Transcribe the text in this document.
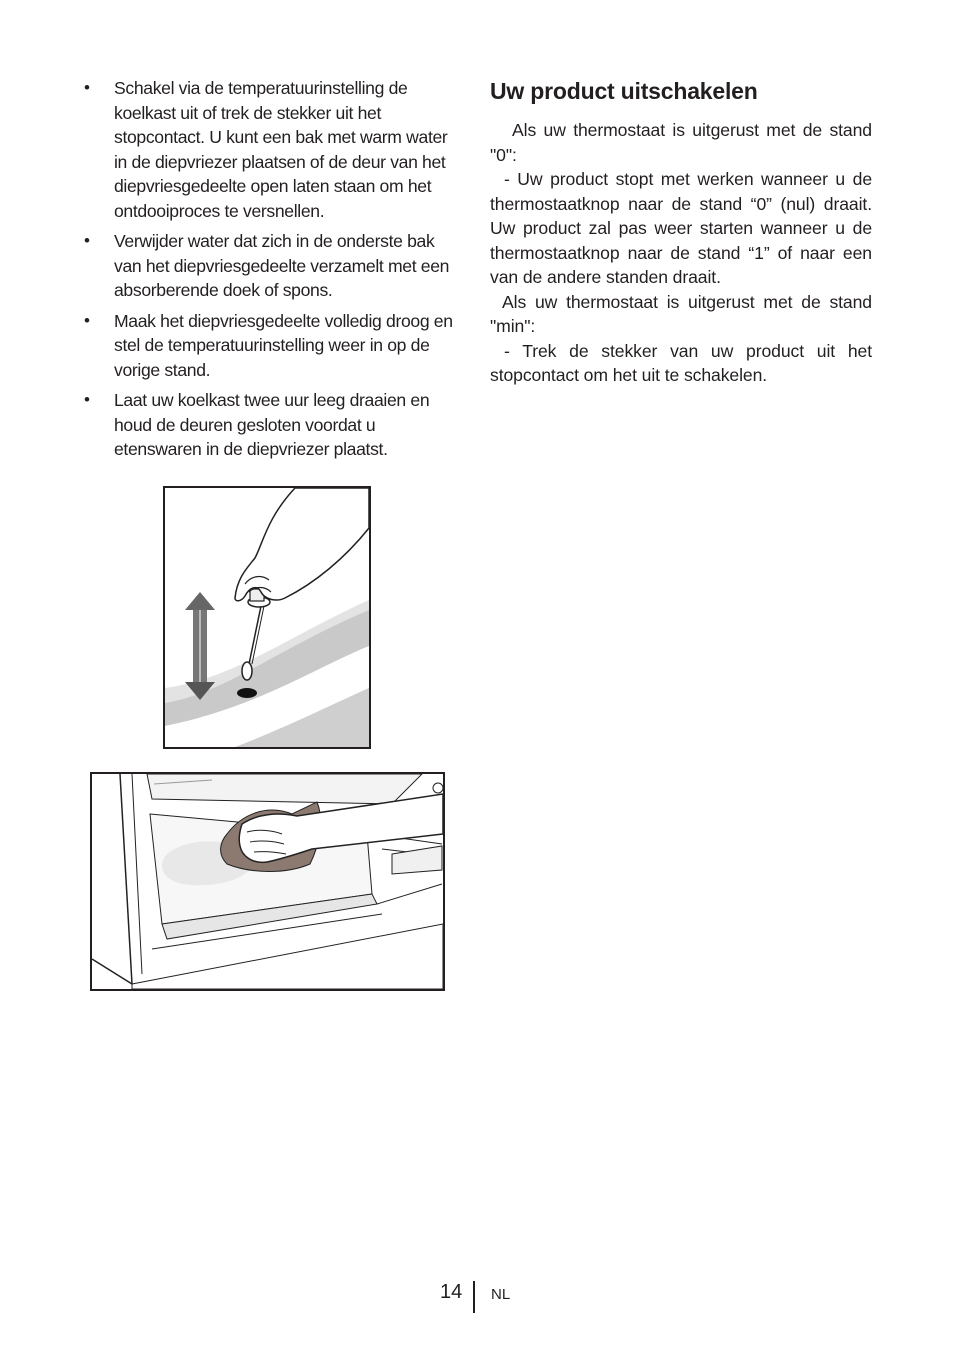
• Schakel via de temperatuurinstelling de koelkast uit of trek de stekker uit het stopcontact. U kunt een bak met warm water in de diepvriezer plaatsen of de deur van het diepvriesgedeelte open laten staan om het ontdooiproces te versnellen.
• Verwijder water dat zich in de onderste bak van het diepvriesgedeelte verzamelt met een absorberende doek of spons.
• Maak het diepvriesgedeelte volledig droog en stel de temperatuurinstelling weer in op de vorige stand.
• Laat uw koelkast twee uur leeg draaien en houd de deuren gesloten voordat u etenswaren in de diepvriezer plaatst.
Uw product uitschakelen

Als uw thermostaat is uitgerust met de stand "0":

- Uw product stopt met werken wanneer u de thermostaatknop naar de stand “0” (nul) draait. Uw product zal pas weer starten wanneer u de thermostaatknop naar de stand “1” of naar een van de andere standen draait.

Als uw thermostaat is uitgerust met de stand "min":

- Trek de stekker van uw product uit het stopcontact om het uit te schakelen.

14 NL
